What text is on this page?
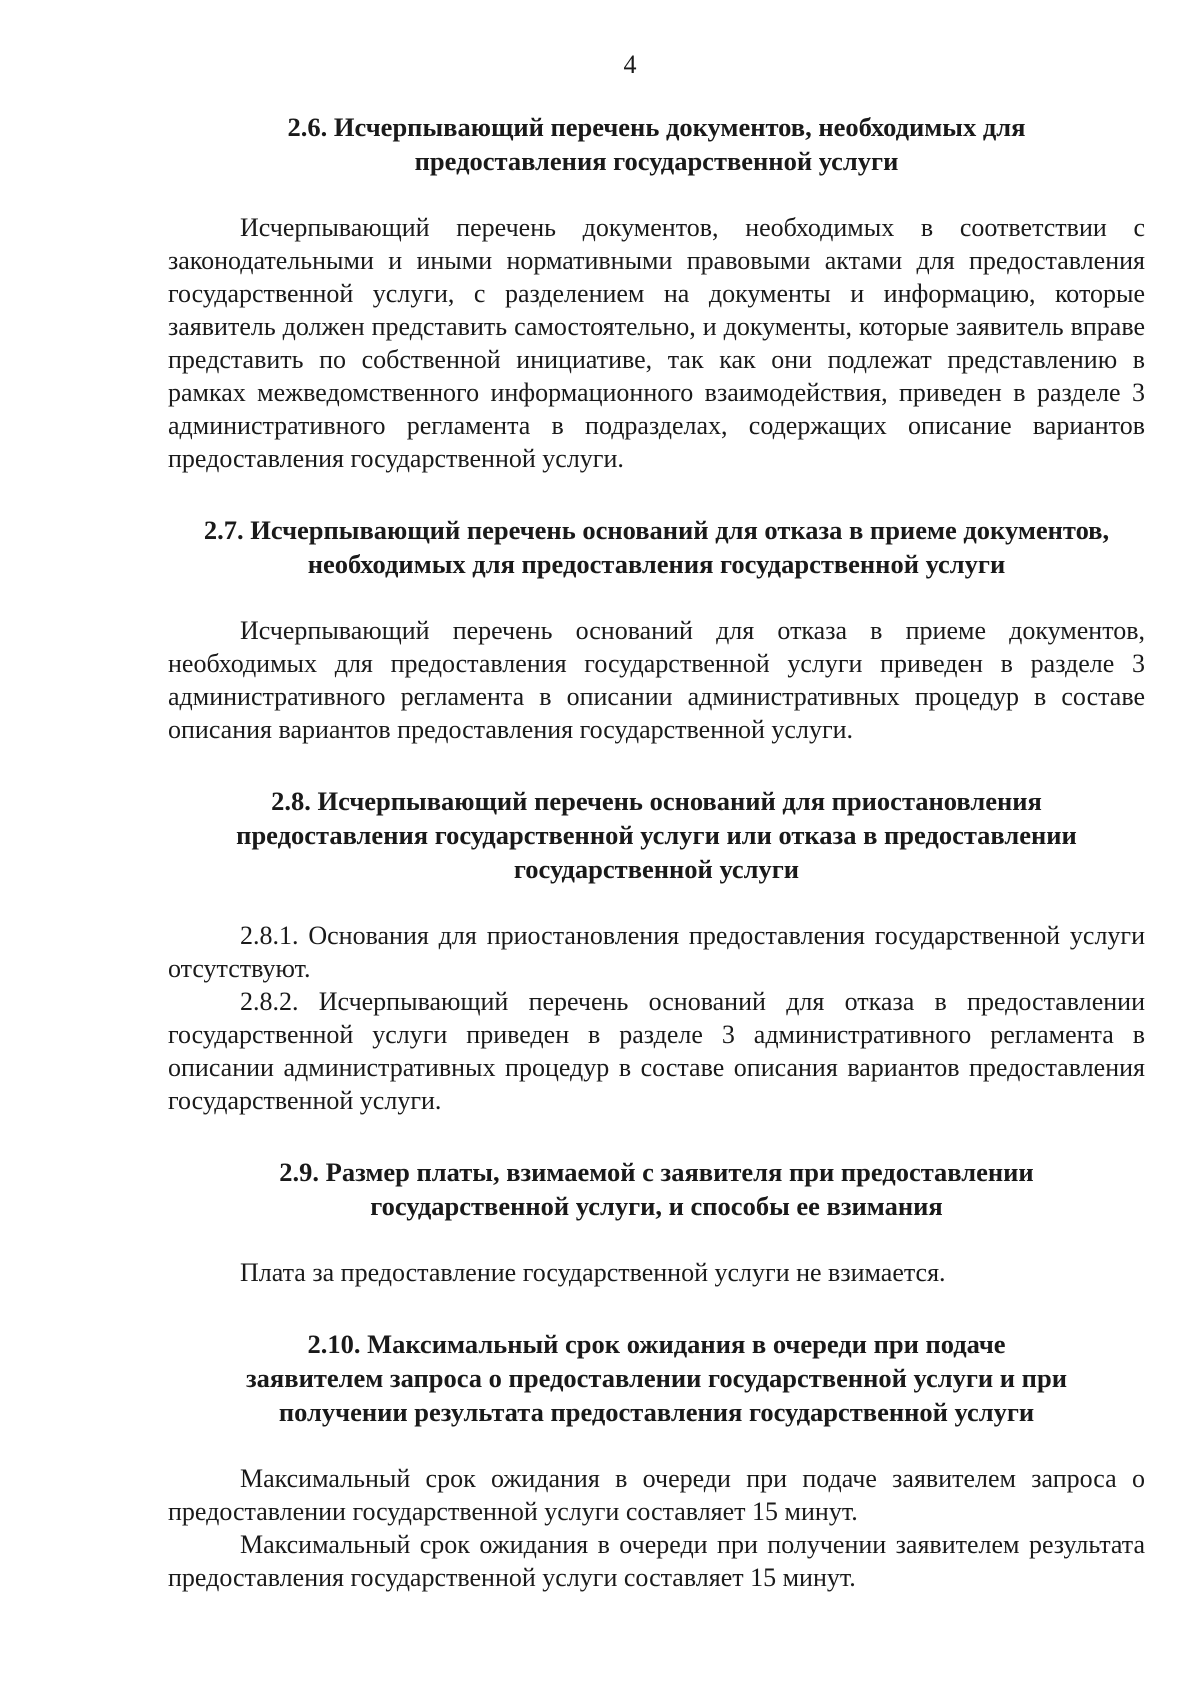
4
2.6. Исчерпывающий перечень документов, необходимых для
предоставления государственной услуги

Исчерпывающий перечень документов, необходимых в соответствии с законодательными и иными нормативными правовыми актами для предоставления государственной услуги, с разделением на документы и информацию, которые заявитель должен представить самостоятельно, и документы, которые заявитель вправе представить по собственной инициативе, так как они подлежат представлению в рамках межведомственного информационного взаимодействия, приведен в разделе 3 административного регламента в подразделах, содержащих описание вариантов предоставления государственной услуги.

2.7. Исчерпывающий перечень оснований для отказа в приеме документов,
необходимых для предоставления государственной услуги

Исчерпывающий перечень оснований для отказа в приеме документов, необходимых для предоставления государственной услуги приведен в разделе 3 административного регламента в описании административных процедур в составе описания вариантов предоставления государственной услуги.

2.8. Исчерпывающий перечень оснований для приостановления
предоставления государственной услуги или отказа в предоставлении
государственной услуги

2.8.1. Основания для приостановления предоставления государственной услуги отсутствуют.

2.8.2. Исчерпывающий перечень оснований для отказа в предоставлении государственной услуги приведен в разделе 3 административного регламента в описании административных процедур в составе описания вариантов предоставления государственной услуги.

2.9. Размер платы, взимаемой с заявителя при предоставлении
государственной услуги, и способы ее взимания

Плата за предоставление государственной услуги не взимается.

2.10. Максимальный срок ожидания в очереди при подаче
заявителем запроса о предоставлении государственной услуги и при
получении результата предоставления государственной услуги

Максимальный срок ожидания в очереди при подаче заявителем запроса о предоставлении государственной услуги составляет 15 минут.

Максимальный срок ожидания в очереди при получении заявителем результата предоставления государственной услуги составляет 15 минут.
